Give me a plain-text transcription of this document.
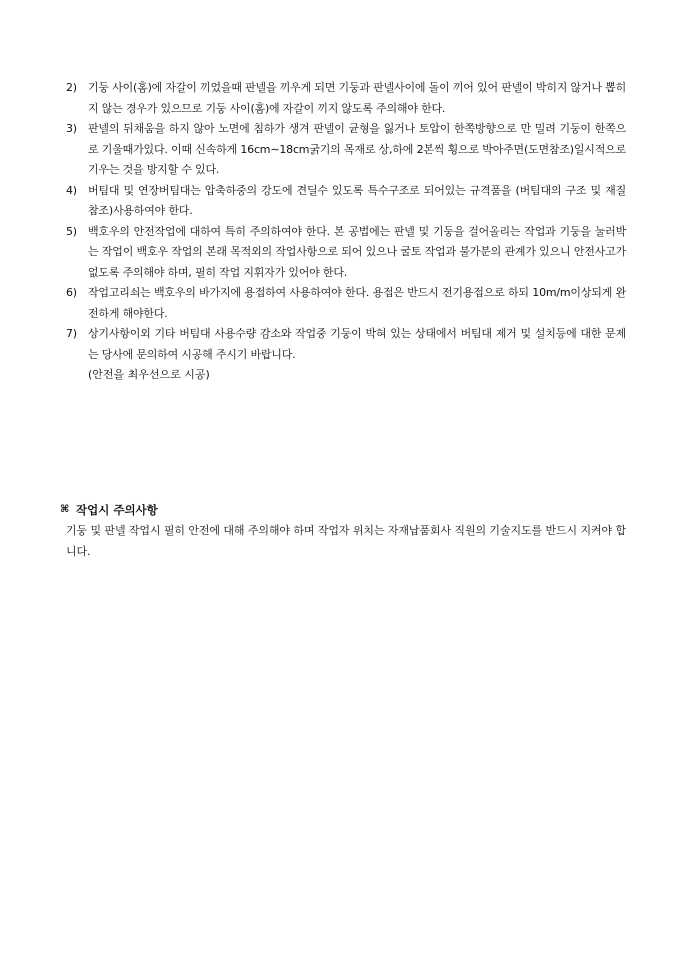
2)	기둥 사이(홈)에 자갈이 끼었을때 판넬을 끼우게 되면 기둥과 판넬사이에 돌이 끼어 있어 판넬이 박히지 않거나 뽑히지 않는 경우가 있으므로 기둥 사이(홈)에 자갈이 끼지 않도록 주의해야 한다.
3)	판넬의 뒤채움을 하지 않아 노면에 침하가 생겨 판넬이 균형을 잃거나 토압이 한쪽방향으로 만 밀려 기둥이 한쪽으로 기울때가있다. 이때 신속하게 16cm∼18cm굵기의 목재로 상,하에 2본씩 횡으로 박아주면(도면참조)일시적으로 기우는 것을 방지할 수 있다.
4)	버팀대 및 연장버팀대는 압축하중의 강도에 견딜수 있도록 특수구조로 되어있는 규격품을 (버팀대의 구조 및 재질 참조)사용하여야 한다.
5)	백호우의 안전작업에 대하여 특히 주의하여야 한다. 본 공법에는 판넬 및 기둥을 걸어올리는 작업과 기둥을 눌러박는 작업이 백호우 작업의 본래 목적외의 작업사항으로 되어 있으나 굴토 작업과 불가분의 관계가 있으니 안전사고가 없도록 주의해야 하며, 필히 작업 지휘자가 있어야 한다.
6)	작업고리쇠는 백호우의 바가지에 용접하여 사용하여야 한다. 용접은 반드시 전기용접으로 하되 10m/m이상되게 완전하게 해야한다.
7)	상기사항이외 기타 버팀대 사용수량 감소와 작업중 기둥이 박혀 있는 상태에서 버팀대 제거 및 설치등에 대한 문제는 당사에 문의하여 시공해 주시기 바랍니다.
(안전을 최우선으로 시공)
⌘ 작업시 주의사항
기둥 및 판넬 작업시 필히 안전에 대해 주의해야 하며 작업자 위치는 자재납품회사 직원의 기술지도를 반드시 지켜야 합니다.
